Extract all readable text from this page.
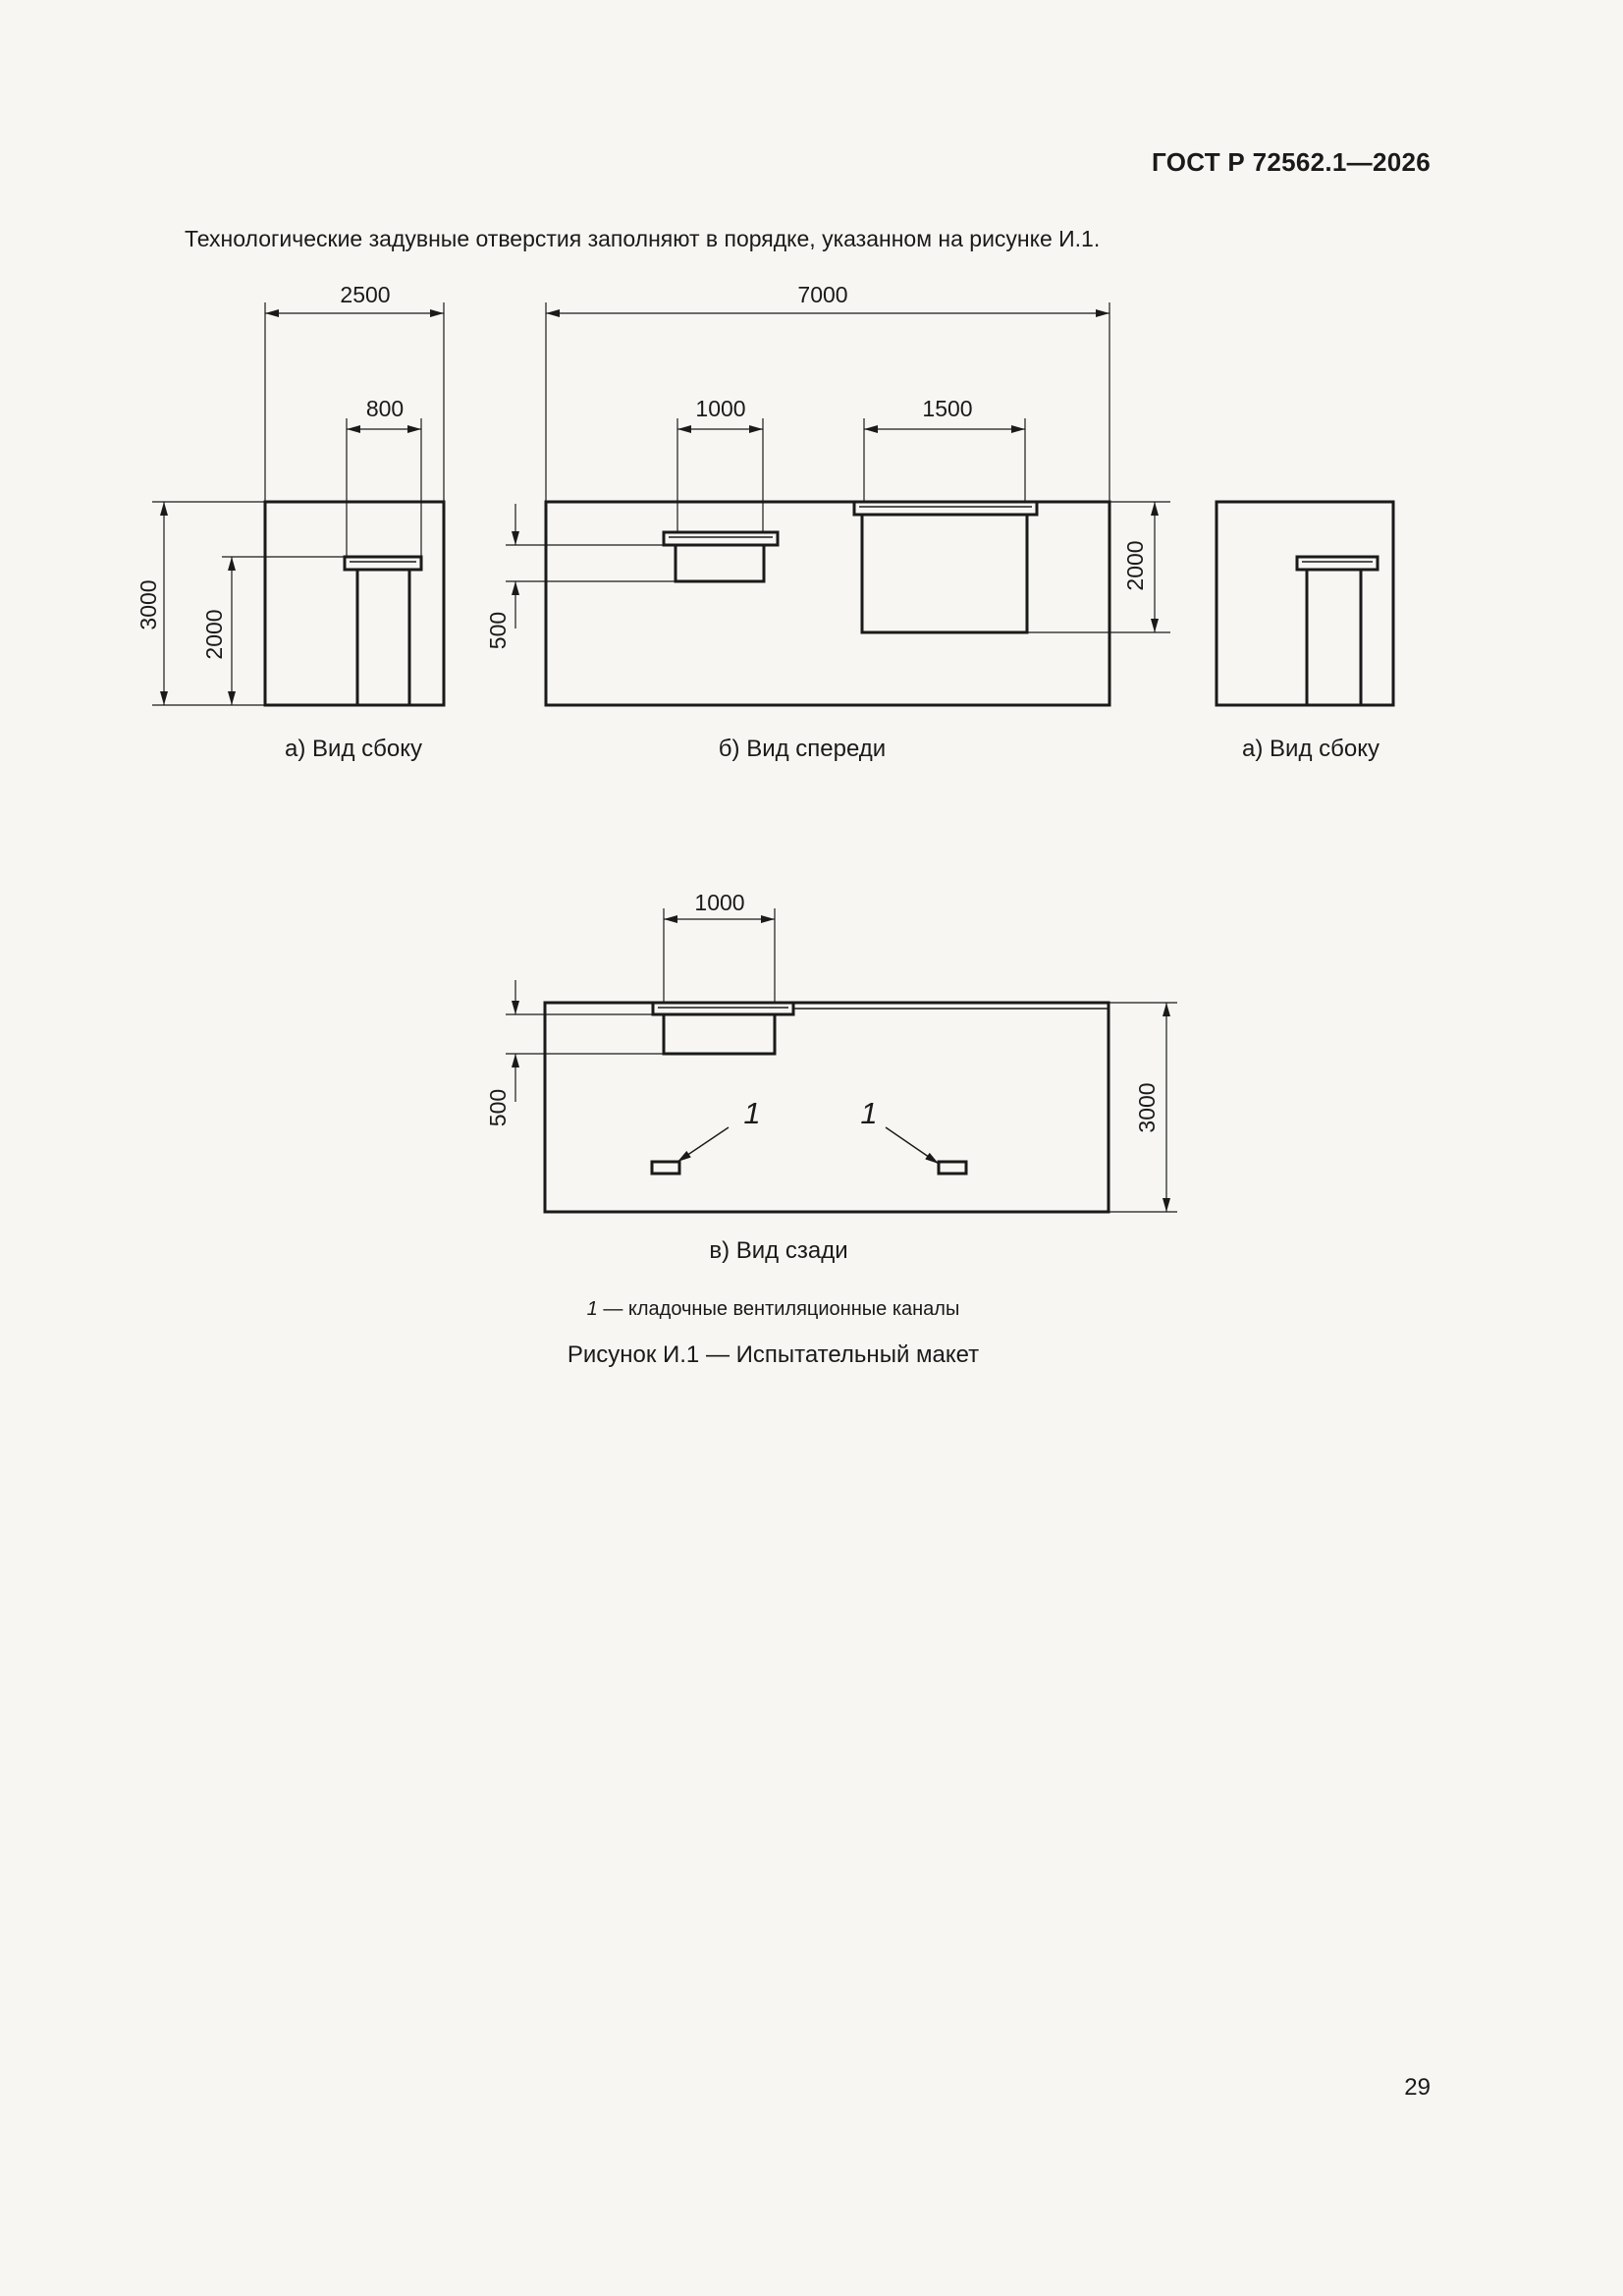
ГОСТ Р 72562.1—2026
Технологические задувные отверстия заполняют в порядке, указанном на рисунке И.1.
2500
800
3000
2000
а) Вид сбоку
7000
1000	1500
500
2000
б) Вид спереди	а) Вид сбоку
1000
500	3000
1	1
в) Вид сзади
1 — кладочные вентиляционные каналы
Рисунок И.1 — Испытательный макет
29
